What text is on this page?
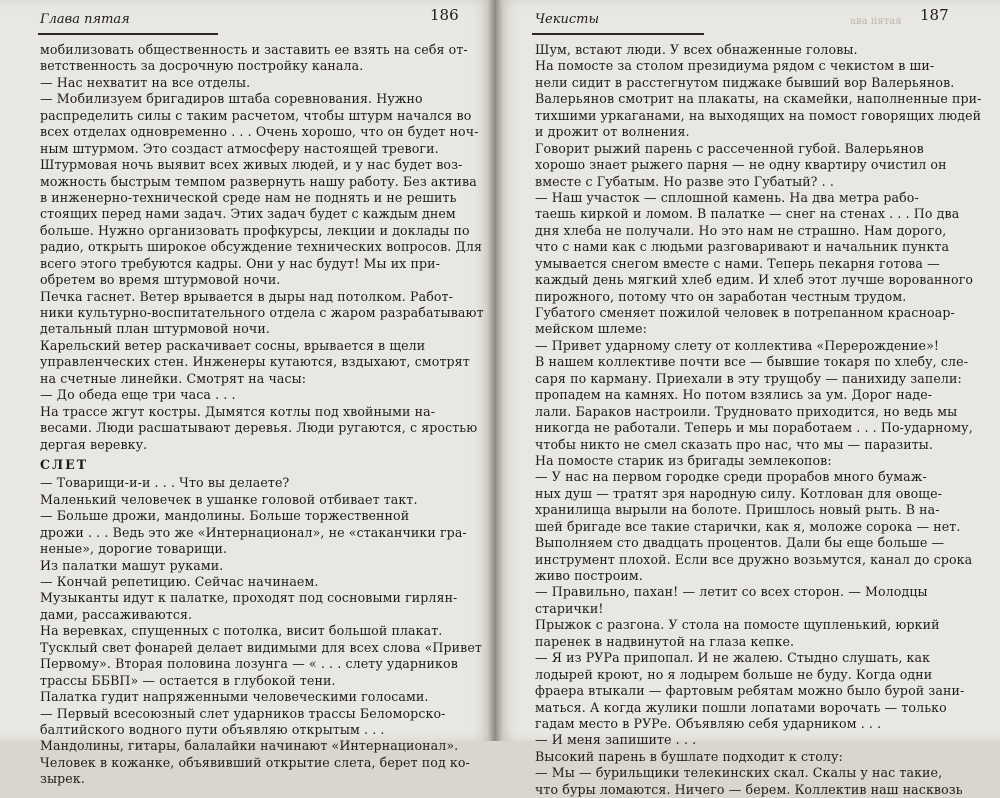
Глава пятая	186
мобилизовать общественность и заставить ее взять на себя от-
ветственность за досрочную постройку канала.
— Нас нехватит на все отделы.
— Мобилизуем бригадиров штаба соревнования. Нужно
распределить силы с таким расчетом, чтобы штурм начался во
всех отделах одновременно . . . Очень хорошо, что он будет ноч-
ным штурмом. Это создаст атмосферу настоящей тревоги.
Штурмовая ночь выявит всех живых людей, и у нас будет воз-
можность быстрым темпом развернуть нашу работу. Без актива
в инженерно-технической среде нам не поднять и не решить
стоящих перед нами задач. Этих задач будет с каждым днем
больше. Нужно организовать профкурсы, лекции и доклады по
радио, открыть широкое обсуждение технических вопросов. Для
всего этого требуются кадры. Они у нас будут! Мы их при-
обретем во время штурмовой ночи.
Печка гаснет. Ветер врывается в дыры над потолком. Работ-
ники культурно-воспитательного отдела с жаром разрабатывают
детальный план штурмовой ночи.
Карельский ветер раскачивает сосны, врывается в щели
управленческих стен. Инженеры кутаются, вздыхают, смотрят
на счетные линейки. Смотрят на часы:
— До обеда еще три часа . . .
На трассе жгут костры. Дымятся котлы под хвойными на-
весами. Люди расшатывают деревья. Люди ругаются, с яростью
дергая веревку.
СЛЕТ
— Товарищи-и-и . . . Что вы делаете?
Маленький человечек в ушанке головой отбивает такт.
— Больше дрожи, мандолины. Больше торжественной
дрожи . . . Ведь это же «Интернационал», не «стаканчики гра-
неные», дорогие товарищи.
Из палатки машут руками.
— Кончай репетицию. Сейчас начинаем.
Музыканты идут к палатке, проходят под сосновыми гирлян-
дами, рассаживаются.
На веревках, спущенных с потолка, висит большой плакат.
Тусклый свет фонарей делает видимыми для всех слова «Привет
Первому». Вторая половина лозунга — « . . . слету ударников
трассы ББВП» — остается в глубокой тени.
Палатка гудит напряженными человеческими голосами.
— Первый всесоюзный слет ударников трассы Беломорско-
балтийского водного пути объявляю открытым . . .
Мандолины, гитары, балалайки начинают «Интернационал».
Человек в кожанке, объявивший открытие слета, берет под ко-
зырек.
Чекисты	ава пятая 187
Шум, встают люди. У всех обнаженные головы.
На помосте за столом президиума рядом с чекистом в ши-
нели сидит в расстегнутом пиджаке бывший вор Валерьянов.
Валерьянов смотрит на плакаты, на скамейки, наполненные при-
тихшими уркаганами, на выходящих на помост говорящих людей
и дрожит от волнения.
Говорит рыжий парень с рассеченной губой. Валерьянов
хорошо знает рыжего парня — не одну квартиру очистил он
вместе с Губатым. Но разве это Губатый? . .
— Наш участок — сплошной камень. На два метра рабо-
таешь киркой и ломом. В палатке — снег на стенах . . . По два
дня хлеба не получали. Но это нам не страшно. Нам дорого,
что с нами как с людьми разговаривают и начальник пункта
умывается снегом вместе с нами. Теперь пекарня готова —
каждый день мягкий хлеб едим. И хлеб этот лучше ворованного
пирожного, потому что он заработан честным трудом.
Губатого сменяет пожилой человек в потрепанном красноар-
мейском шлеме:
— Привет ударному слету от коллектива «Перерождение»!
В нашем коллективе почти все — бывшие токаря по хлебу, сле-
саря по карману. Приехали в эту трущобу — панихиду запели:
пропадем на камнях. Но потом взялись за ум. Дорог наде-
лали. Бараков настроили. Трудновато приходится, но ведь мы
никогда не работали. Теперь и мы поработаем . . . По-ударному,
чтобы никто не смел сказать про нас, что мы — паразиты.
На помосте старик из бригады землекопов:
— У нас на первом городке среди прорабов много бумаж-
ных душ — тратят зря народную силу. Котлован для овоще-
хранилища вырыли на болоте. Пришлось новый рыть. В на-
шей бригаде все такие старички, как я, моложе сорока — нет.
Выполняем сто двадцать процентов. Дали бы еще больше —
инструмент плохой. Если все дружно возьмутся, канал до срока
живо построим.
— Правильно, пахан! — летит со всех сторон. — Молодцы
старички!
Прыжок с разгона. У стола на помосте щупленький, юркий
паренек в надвинутой на глаза кепке.
— Я из РУРа припопал. И не жалею. Стыдно слушать, как
лодырей кроют, но я лодырем больше не буду. Когда одни
фраера втыкали — фартовым ребятам можно было бурой зани-
маться. А когда жулики пошли лопатами ворочать — только
гадам место в РУРе. Объявляю себя ударником . . .
— И меня запишите . . .
Высокий парень в бушлате подходит к столу:
— Мы — бурильщики телекинских скал. Скалы у нас такие,
что буры ломаются. Ничего — берем. Коллектив наш насквозь
